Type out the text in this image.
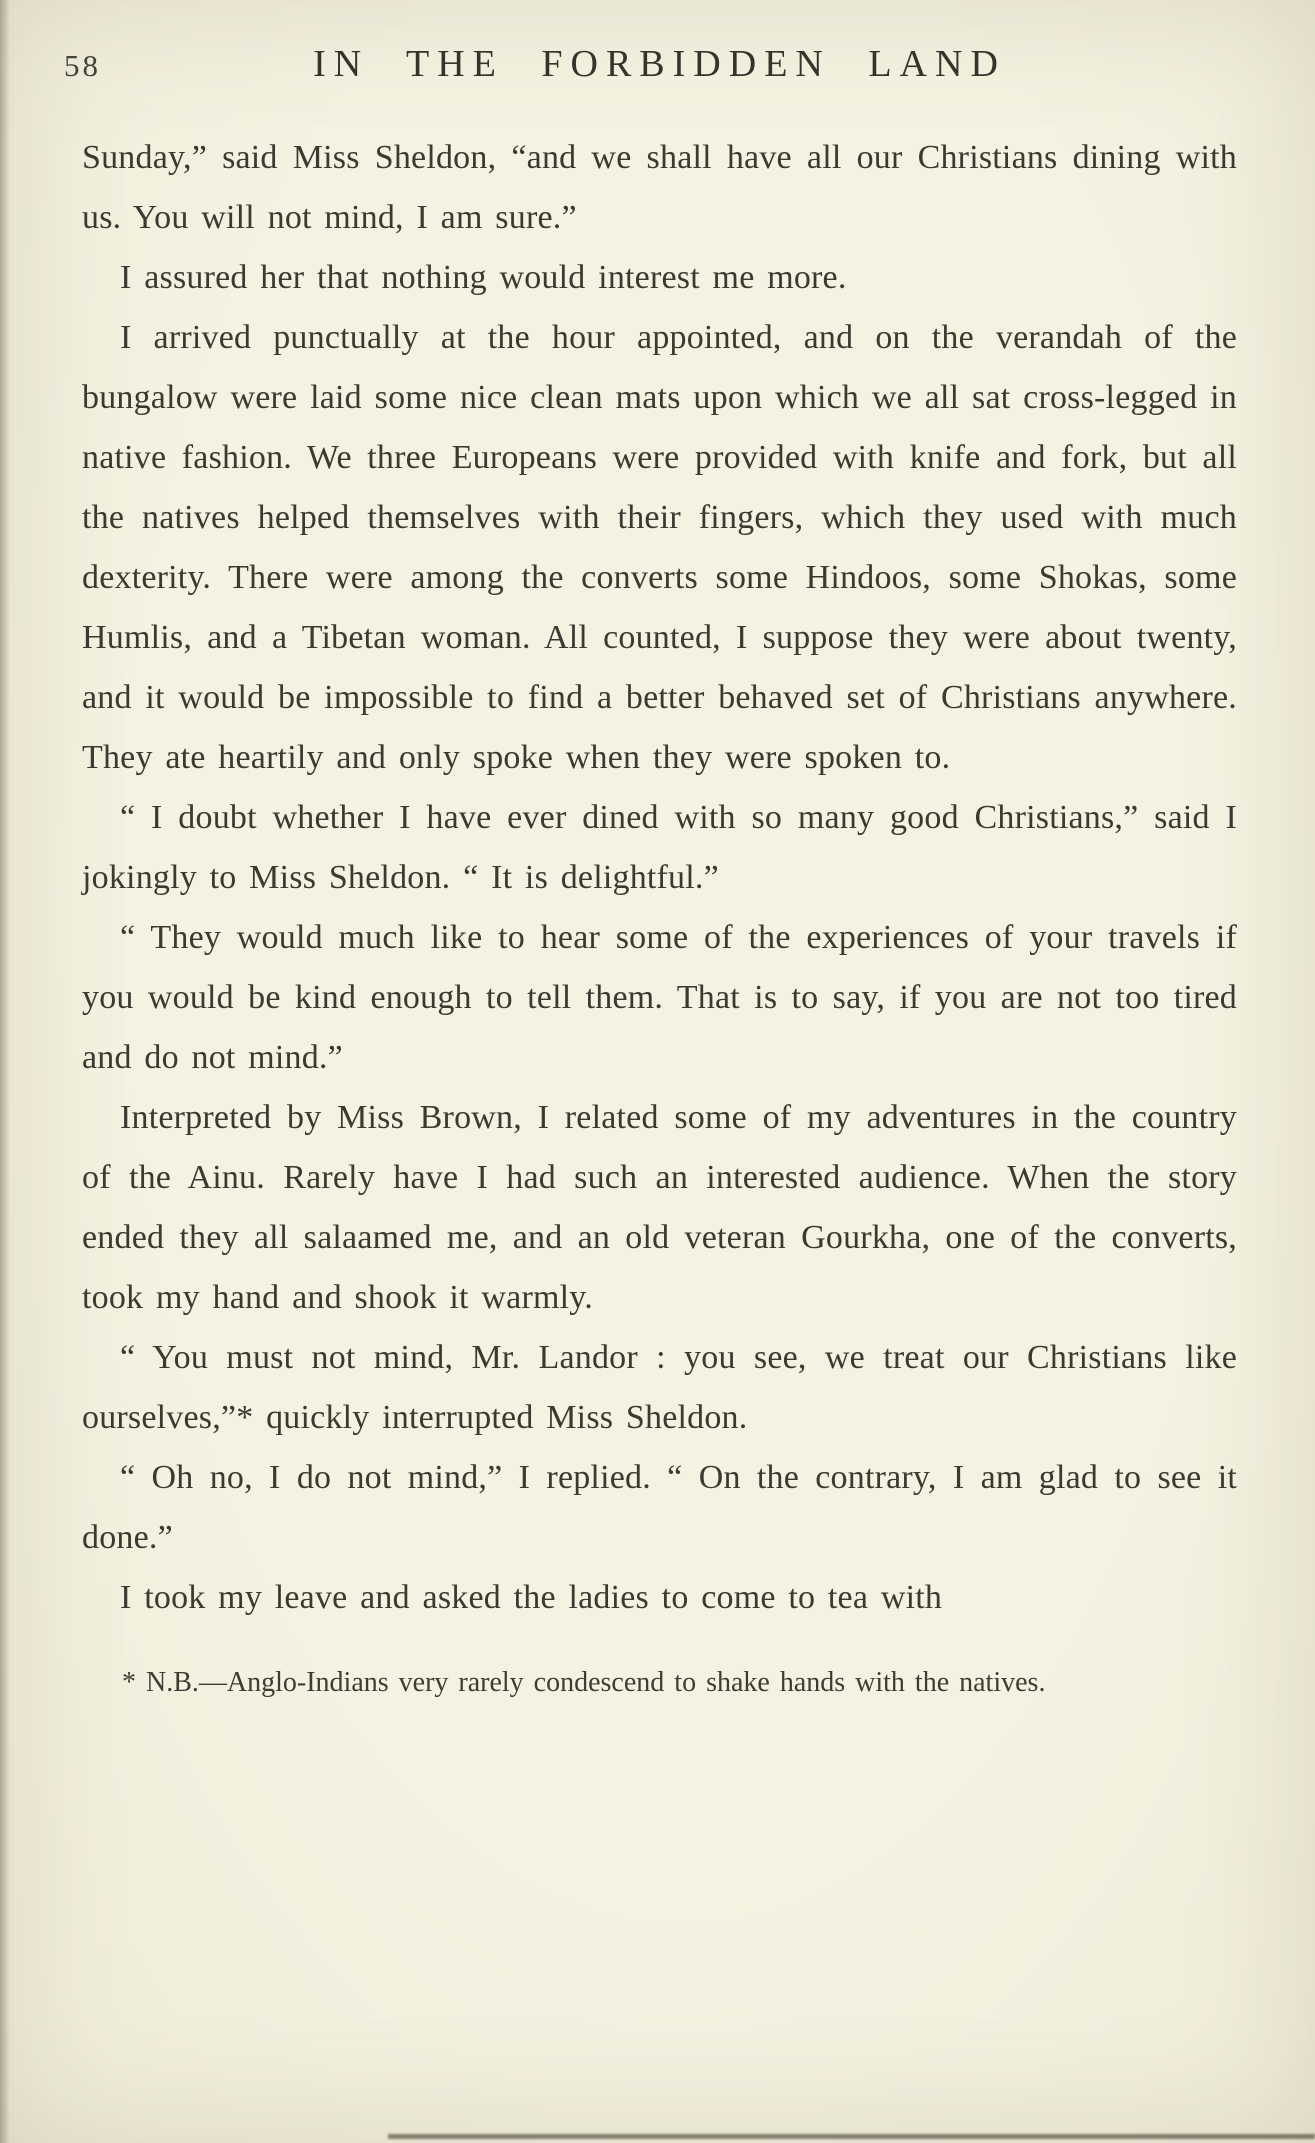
58	IN THE FORBIDDEN LAND

Sunday,” said Miss Sheldon, “and we shall have all our Christians dining with us. You will not mind, I am sure.”

I assured her that nothing would interest me more.

I arrived punctually at the hour appointed, and on the verandah of the bungalow were laid some nice clean mats upon which we all sat cross-legged in native fashion. We three Europeans were provided with knife and fork, but all the natives helped themselves with their fingers, which they used with much dexterity. There were among the converts some Hindoos, some Shokas, some Humlis, and a Tibetan woman. All counted, I suppose they were about twenty, and it would be impossible to find a better behaved set of Christians anywhere. They ate heartily and only spoke when they were spoken to.

“ I doubt whether I have ever dined with so many good Christians,” said I jokingly to Miss Sheldon. “ It is delightful.”

“ They would much like to hear some of the experiences of your travels if you would be kind enough to tell them. That is to say, if you are not too tired and do not mind.”

Interpreted by Miss Brown, I related some of my adventures in the country of the Ainu. Rarely have I had such an interested audience. When the story ended they all salaamed me, and an old veteran Gourkha, one of the converts, took my hand and shook it warmly.

“ You must not mind, Mr. Landor : you see, we treat our Christians like ourselves,”* quickly interrupted Miss Sheldon.

“ Oh no, I do not mind,” I replied. “ On the contrary, I am glad to see it done.”

I took my leave and asked the ladies to come to tea with

* N.B.—Anglo-Indians very rarely condescend to shake hands with the natives.
